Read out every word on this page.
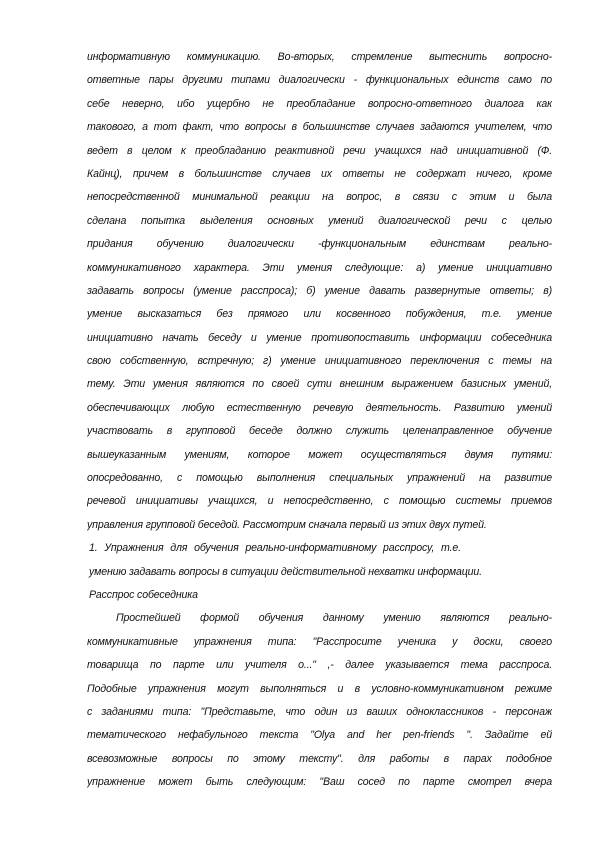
информативную коммуникацию. Во-вторых, стремление вытеснить вопросно-
ответные пары другими типами диалогически - функциональных единств само по
себе неверно, ибо ущербно не преобладание вопросно-ответного диалога как
такового, а тот факт, что вопросы в большинстве случаев задаются учителем, что
ведет в целом к преобладанию реактивной речи учащихся над инициативной (Ф.
Кайнц), причем в большинстве случаев их ответы не содержат ничего, кроме
непосредственной минимальной реакции на вопрос, в связи с этим и была
сделана попытка выделения основных умений диалогической речи с целью
придания обучению диалогически -функциональным единствам реально-
коммуникативного характера. Эти умения следующие: а) умение инициативно
задавать вопросы (умение расспроса); б) умение давать развернутые ответы; в)
умение высказаться без прямого или косвенного побуждения, т.е. умение
инициативно начать беседу и умение противопоставить информации собеседника
свою собственную, встречную; г) умение инициативного переключения с темы на
тему. Эти умения являются по своей сути внешним выражением базисных умений,
обеспечивающих любую естественную речевую деятельность. Развитию умений
участвовать в групповой беседе должно служить целенаправленное обучение
вышеуказанным умениям, которое может осуществляться двумя путями:
опосредованно, с помощью выполнения специальных упражнений на развитие
речевой инициативы учащихся, и непосредственно, с помощью системы приемов
управления групповой беседой. Рассмотрим сначала первый из этих двух путей.
1. Упражнения для обучения реально-информативному расспросу, т.е.
умению задавать вопросы в ситуации действительной нехватки информации.
Расспрос собеседника
Простейшей формой обучения данному умению являются реально-
коммуникативные упражнения типа: "Расспросите ученика у доски, своего
товарища по парте или учителя о..." ,- далее указывается тема расспроса.
Подобные упражнения могут выполняться и в условно-коммуникативном режиме
с заданиями типа: "Представьте, что один из ваших одноклассников - персонаж
тематического нефабульного текста "Olya and her pen-friends ". Задайте ей
всевозможные вопросы по этому тексту". для работы в парах подобное
упражнение может быть следующим: "Ваш сосед по парте смотрел вчера
